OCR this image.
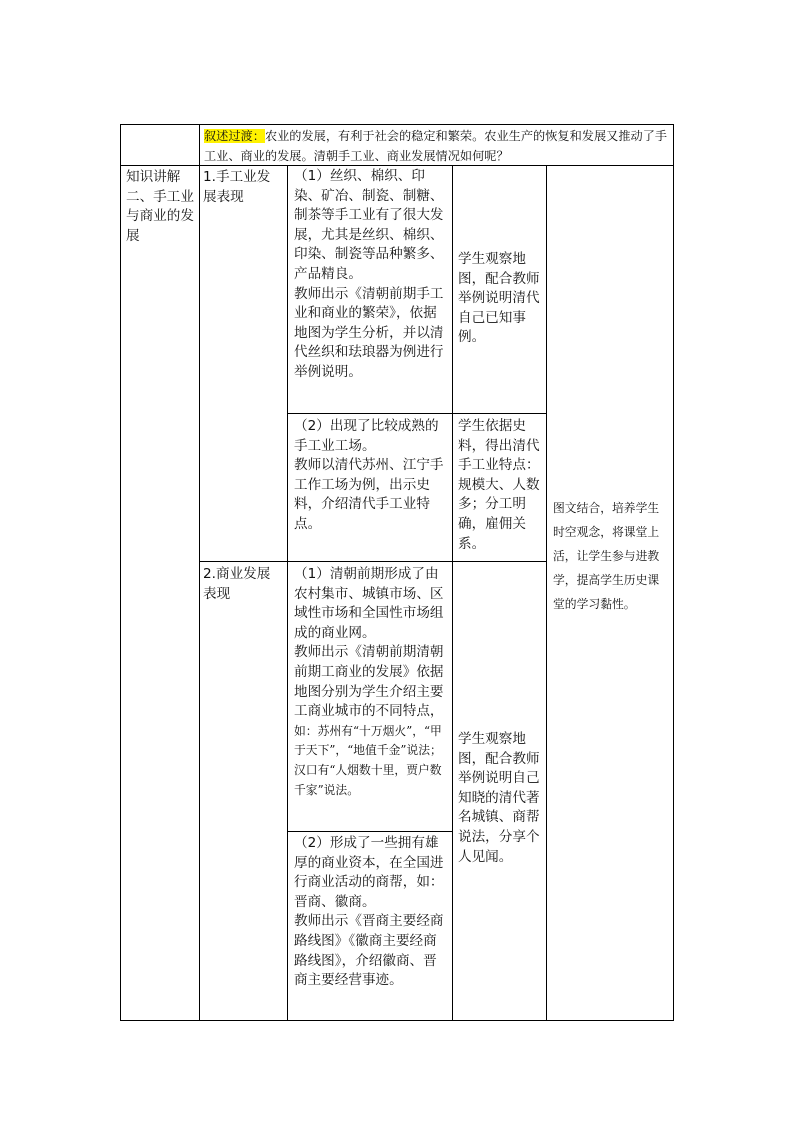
叙述过渡：农业的发展，有利于社会的稳定和繁荣。农业生产的恢复和发展又推动了手工业、商业的发展。清朝手工业、商业发展情况如何呢？
知识讲解
二、手工业与商业的发展
1.手工业发展表现

（1）丝织、棉织、印染、矿冶、制瓷、制糖、制茶等手工业有了很大发展，尤其是丝织、棉织、印染、制瓷等品种繁多、产品精良。

教师出示《清朝前期手工业和商业的繁荣》，依据地图为学生分析，并以清代丝织和珐琅器为例进行举例说明。

学生观察地图，配合教师举例说明清代自己已知事例。

（2）出现了比较成熟的手工业工场。

教师以清代苏州、江宁手工作工场为例，出示史料，介绍清代手工业特点。

学生依据史料，得出清代手工业特点：规模大、人数多；分工明确，雇佣关系。
2.商业发展表现

（1）清朝前期形成了由农村集市、城镇市场、区域性市场和全国性市场组成的商业网。

教师出示《清朝前期清朝前期工商业的发展》依据地图分别为学生介绍主要工商业城市的不同特点，如：苏州有“十万烟火”，“甲于天下”，“地值千金”说法；汉口有“人烟数十里，贾户数千家”说法。

（2）形成了一些拥有雄厚的商业资本，在全国进行商业活动的商帮，如：晋商、徽商。

教师出示《晋商主要经商路线图》《徽商主要经商路线图》，介绍徽商、晋商主要经营事迹。

学生观察地图，配合教师举例说明自己知晓的清代著名城镇、商帮说法，分享个人见闻。
图文结合，培养学生时空观念，将课堂上活，让学生参与进教学，提高学生历史课堂的学习黏性。
